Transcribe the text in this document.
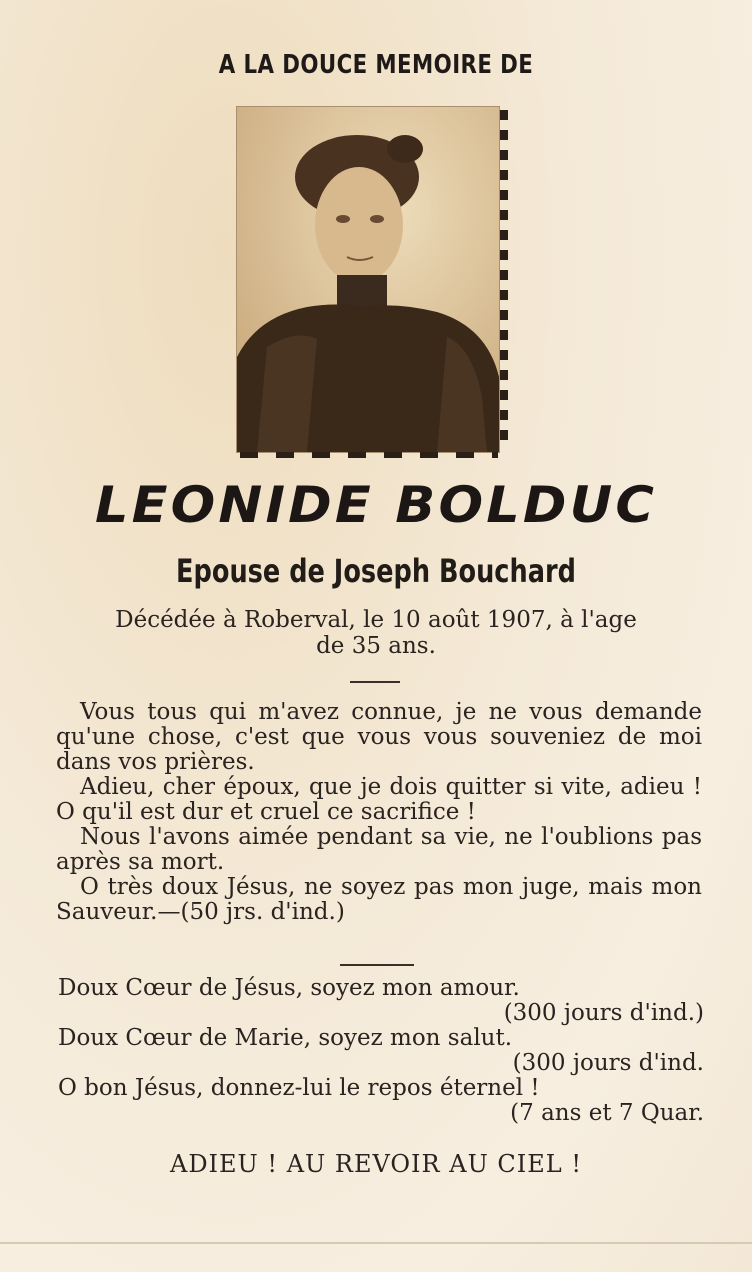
A LA DOUCE MEMOIRE DE
LEONIDE BOLDUC
Epouse de Joseph Bouchard
Décédée à Roberval, le 10 août 1907, à l'age
de 35 ans.

Vous tous qui m'avez connue, je ne vous demande qu'une chose, c'est que vous vous souveniez de moi dans vos prières.

Adieu, cher époux, que je dois quitter si vite, adieu ! O qu'il est dur et cruel ce sacrifice !

Nous l'avons aimée pendant sa vie, ne l'oublions pas après sa mort.

O très doux Jésus, ne soyez pas mon juge, mais mon Sauveur.—(50 jrs. d'ind.)

Doux Cœur de Jésus, soyez mon amour.
(300 jours d'ind.)
Doux Cœur de Marie, soyez mon salut.
(300 jours d'ind.
O bon Jésus, donnez-lui le repos éternel !
(7 ans et 7 Quar.
ADIEU ! AU REVOIR AU CIEL !
